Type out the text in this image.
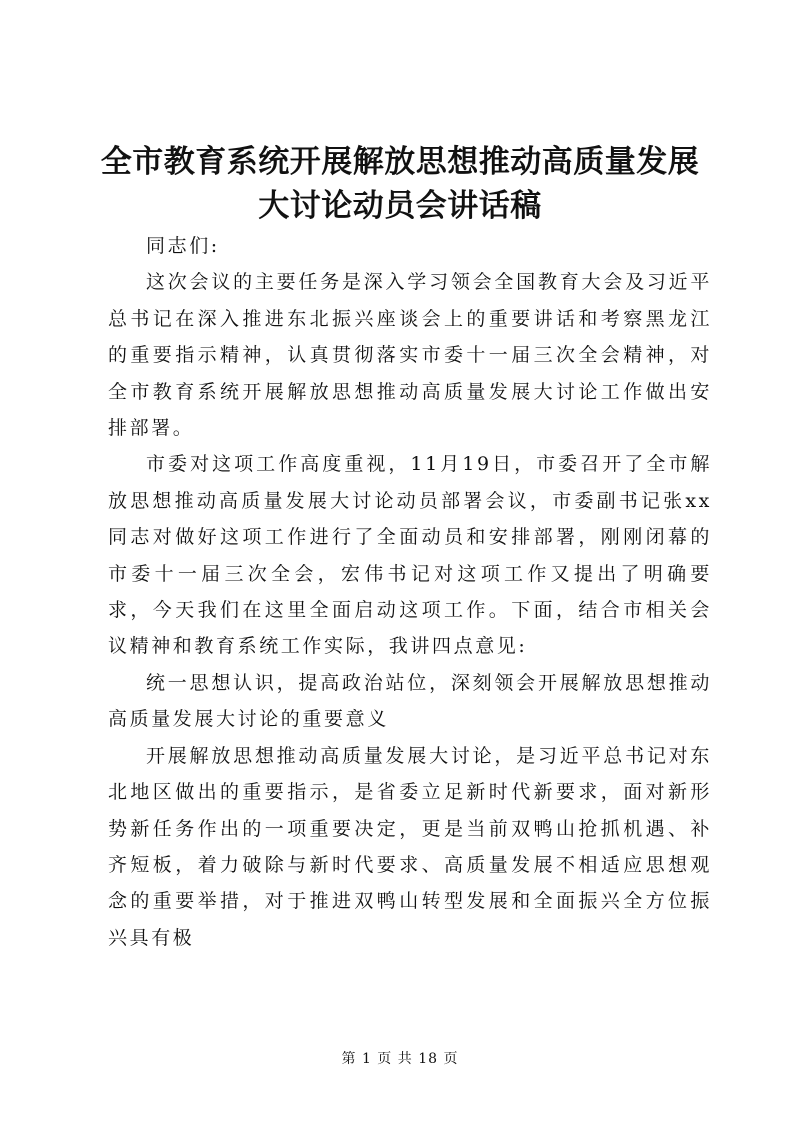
全市教育系统开展解放思想推动高质量发展大讨论动员会讲话稿

同志们:

这次会议的主要任务是深入学习领会全国教育大会及习近平总书记在深入推进东北振兴座谈会上的重要讲话和考察黑龙江的重要指示精神，认真贯彻落实市委十一届三次全会精神，对全市教育系统开展解放思想推动高质量发展大讨论工作做出安排部署。

市委对这项工作高度重视，11月19日，市委召开了全市解放思想推动高质量发展大讨论动员部署会议，市委副书记张xx同志对做好这项工作进行了全面动员和安排部署，刚刚闭幕的市委十一届三次全会，宏伟书记对这项工作又提出了明确要求，今天我们在这里全面启动这项工作。下面，结合市相关会议精神和教育系统工作实际，我讲四点意见:

统一思想认识，提高政治站位，深刻领会开展解放思想推动高质量发展大讨论的重要意义

开展解放思想推动高质量发展大讨论，是习近平总书记对东北地区做出的重要指示，是省委立足新时代新要求，面对新形势新任务作出的一项重要决定，更是当前双鸭山抢抓机遇、补齐短板，着力破除与新时代要求、高质量发展不相适应思想观念的重要举措，对于推进双鸭山转型发展和全面振兴全方位振兴具有极

第 1 页 共 18 页
